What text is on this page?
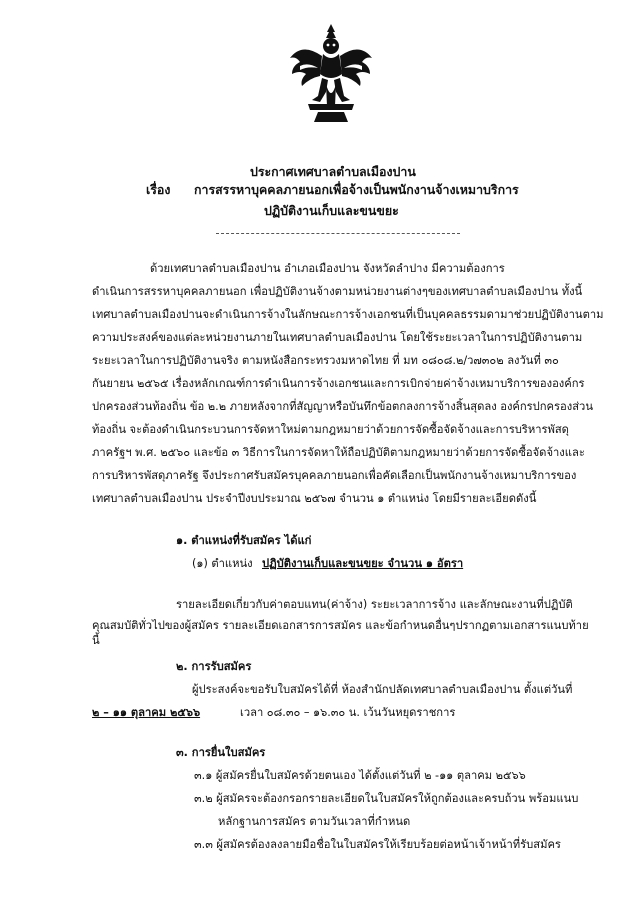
ประกาศเทศบาลตำบลเมืองปาน
เรื่อง การสรรหาบุคคลภายนอกเพื่อจ้างเป็นพนักงานจ้างเหมาบริการ
ปฏิบัติงานเก็บและขนขยะ
ด้วยเทศบาลตำบลเมืองปาน อำเภอเมืองปาน จังหวัดลำปาง มีความต้องการ
ดำเนินการสรรหาบุคคลภายนอก เพื่อปฏิบัติงานจ้างตามหน่วยงานต่างๆของเทศบาลตำบลเมืองปาน ทั้งนี้
เทศบาลตำบลเมืองปานจะดำเนินการจ้างในลักษณะการจ้างเอกชนที่เป็นบุคคลธรรมดามาช่วยปฏิบัติงานตาม
ความประสงค์ของแต่ละหน่วยงานภายในเทศบาลตำบลเมืองปาน โดยใช้ระยะเวลาในการปฏิบัติงานตาม
ระยะเวลาในการปฏิบัติงานจริง ตามหนังสือกระทรวงมหาดไทย ที่ มท ๐๘๐๘.๒/ว๗๓๐๒ ลงวันที่ ๓๐
กันยายน ๒๕๖๕ เรื่องหลักเกณฑ์การดำเนินการจ้างเอกชนและการเบิกจ่ายค่าจ้างเหมาบริการขององค์กร
ปกครองส่วนท้องถิ่น ข้อ ๒.๒ ภายหลังจากที่สัญญาหรือบันทึกข้อตกลงการจ้างสิ้นสุดลง องค์กรปกครองส่วน
ท้องถิ่น จะต้องดำเนินกระบวนการจัดหาใหม่ตามกฎหมายว่าด้วยการจัดซื้อจัดจ้างและการบริหารพัสดุ
ภาครัฐฯ พ.ศ. ๒๕๖๐ และข้อ ๓ วิธีการในการจัดหาให้ถือปฏิบัติตามกฎหมายว่าด้วยการจัดซื้อจัดจ้างและ
การบริหารพัสดุภาครัฐ จึงประกาศรับสมัครบุคคลภายนอกเพื่อคัดเลือกเป็นพนักงานจ้างเหมาบริการของ
เทศบาลตำบลเมืองปาน ประจำปีงบประมาณ ๒๕๖๗ จำนวน ๑ ตำแหน่ง โดยมีรายละเอียดดังนี้
๑. ตำแหน่งที่รับสมัคร ได้แก่
(๑) ตำแหน่ง ปฏิบัติงานเก็บและขนขยะ จำนวน ๑ อัตรา
รายละเอียดเกี่ยวกับค่าตอบแทน(ค่าจ้าง) ระยะเวลาการจ้าง และลักษณะงานที่ปฏิบัติ
คุณสมบัติทั่วไปของผู้สมัคร รายละเอียดเอกสารการสมัคร และข้อกำหนดอื่นๆปรากฏตามเอกสารแนบท้าย
นี้
๒. การรับสมัคร
ผู้ประสงค์จะขอรับใบสมัครได้ที่ ห้องสำนักปลัดเทศบาลตำบลเมืองปาน ตั้งแต่วันที่
๒ – ๑๑ ตุลาคม ๒๕๖๖	เวลา ๐๘.๓๐ – ๑๖.๓๐ น. เว้นวันหยุดราชการ
๓. การยื่นใบสมัคร
๓.๑ ผู้สมัครยื่นใบสมัครด้วยตนเอง ได้ตั้งแต่วันที่ ๒ -๑๑ ตุลาคม ๒๕๖๖
๓.๒ ผู้สมัครจะต้องกรอกรายละเอียดในใบสมัครให้ถูกต้องและครบถ้วน พร้อมแนบ
หลักฐานการสมัคร ตามวันเวลาที่กำหนด
๓.๓ ผู้สมัครต้องลงลายมือชื่อในใบสมัครให้เรียบร้อยต่อหน้าเจ้าหน้าที่รับสมัคร
